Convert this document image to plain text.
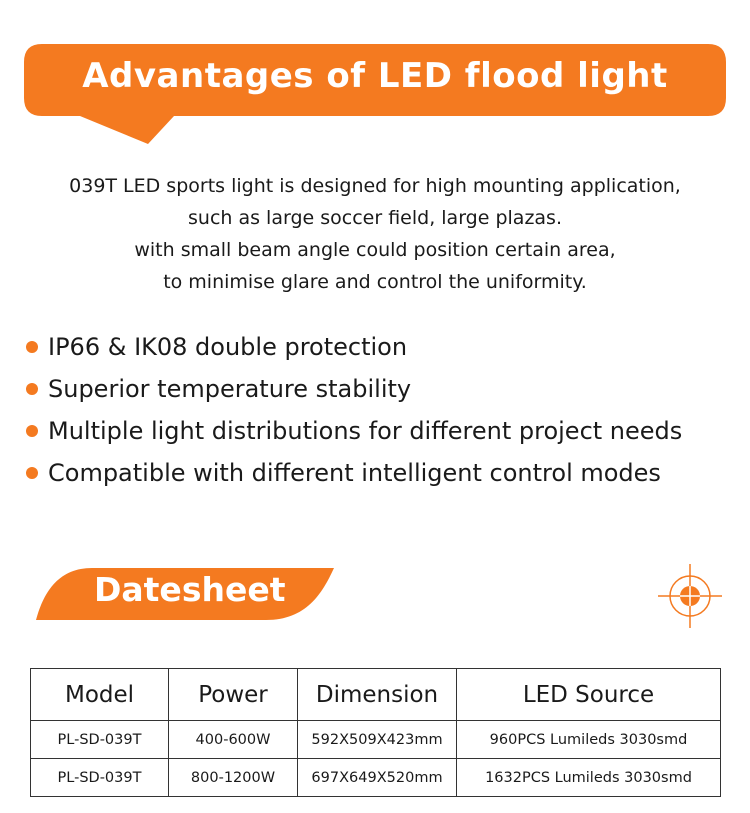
Advantages of LED flood light
039T LED sports light is designed for high mounting application,
such as large soccer field, large plazas.
with small beam angle could position certain area,
to minimise glare and control the uniformity.
IP66 & IK08 double protection
Superior temperature stability
Multiple light distributions for different project needs
Compatible with different intelligent control modes
Datesheet
Model	Power	Dimension	LED Source
PL-SD-039T	400-600W	592X509X423mm	960PCS Lumileds 3030smd
PL-SD-039T	800-1200W	697X649X520mm	1632PCS Lumileds 3030smd
